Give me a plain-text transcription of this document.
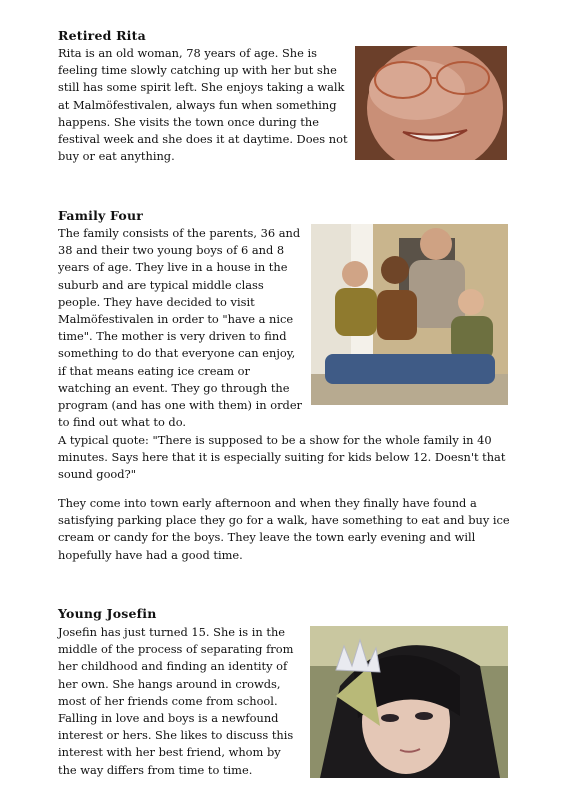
Retired Rita

Rita is an old woman, 78 years of age. She is feeling time slowly catching up with her but she still has some spirit left. She enjoys taking a walk at Malmöfestivalen, always fun when something happens. She visits the town once during the festival week and she does it at daytime. Does not buy or eat anything.

Family Four

The family consists of the parents, 36 and 38 and their two young boys of 6 and 8 years of age. They live in a house in the suburb and are typical middle class people. They have decided to visit Malmöfestivalen in order to "have a nice time". The mother is very driven to find something to do that everyone can enjoy, if that means eating ice cream or watching an event. They go through the program (and has one with them) in order to find out what to do.

A typical quote: "There is supposed to be a show for the whole family in 40 minutes. Says here that it is especially suiting for kids below 12. Doesn't that sound good?"

They come into town early afternoon and when they finally have found a satisfying parking place they go for a walk, have something to eat and buy ice cream or candy for the boys. They leave the town early evening and will hopefully have had a good time.

Young Josefin

Josefin has just turned 15. She is in the middle of the process of separating from her childhood and finding an identity of her own. She hangs around in crowds, most of her friends come from school. Falling in love and boys is a newfound interest or hers. She likes to discuss this interest with her best friend, whom by the way differs from time to time.
